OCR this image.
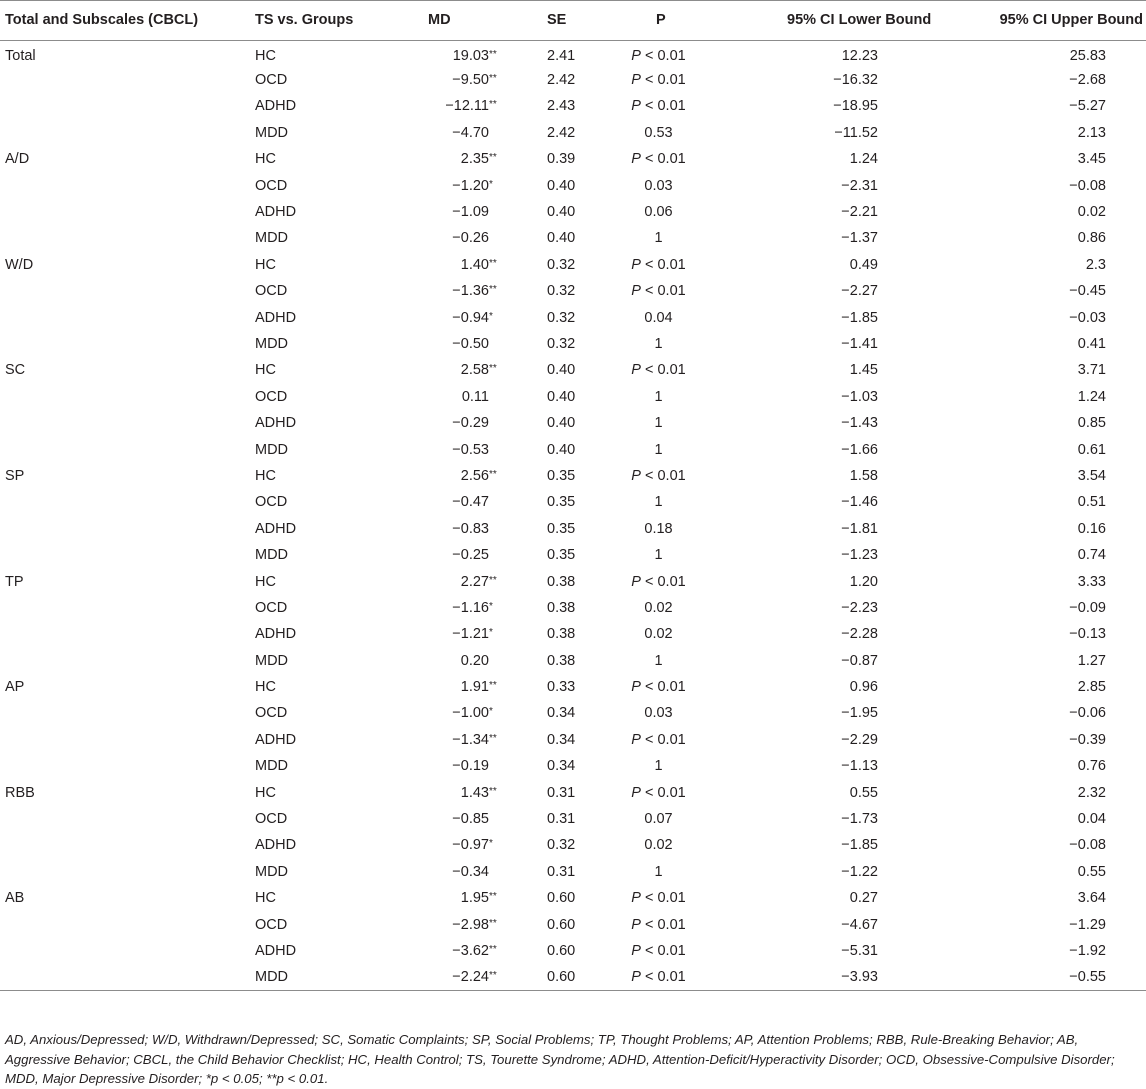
Total and Subscales (CBCL)	TS vs. Groups	MD	SE	P	95% CI Lower Bound	95% CI Upper Bound
Total	HC	19.03**	2.41	P < 0.01	12.23	25.83
	OCD	−9.50**	2.42	P < 0.01	−16.32	−2.68
	ADHD	−12.11**	2.43	P < 0.01	−18.95	−5.27
	MDD	−4.70	2.42	0.53	−11.52	2.13
A/D	HC	2.35**	0.39	P < 0.01	1.24	3.45
	OCD	−1.20*	0.40	0.03	−2.31	−0.08
	ADHD	−1.09	0.40	0.06	−2.21	0.02
	MDD	−0.26	0.40	1	−1.37	0.86
W/D	HC	1.40**	0.32	P < 0.01	0.49	2.3
	OCD	−1.36**	0.32	P < 0.01	−2.27	−0.45
	ADHD	−0.94*	0.32	0.04	−1.85	−0.03
	MDD	−0.50	0.32	1	−1.41	0.41
SC	HC	2.58**	0.40	P < 0.01	1.45	3.71
	OCD	0.11	0.40	1	−1.03	1.24
	ADHD	−0.29	0.40	1	−1.43	0.85
	MDD	−0.53	0.40	1	−1.66	0.61
SP	HC	2.56**	0.35	P < 0.01	1.58	3.54
	OCD	−0.47	0.35	1	−1.46	0.51
	ADHD	−0.83	0.35	0.18	−1.81	0.16
	MDD	−0.25	0.35	1	−1.23	0.74
TP	HC	2.27**	0.38	P < 0.01	1.20	3.33
	OCD	−1.16*	0.38	0.02	−2.23	−0.09
	ADHD	−1.21*	0.38	0.02	−2.28	−0.13
	MDD	0.20	0.38	1	−0.87	1.27
AP	HC	1.91**	0.33	P < 0.01	0.96	2.85
	OCD	−1.00*	0.34	0.03	−1.95	−0.06
	ADHD	−1.34**	0.34	P < 0.01	−2.29	−0.39
	MDD	−0.19	0.34	1	−1.13	0.76
RBB	HC	1.43**	0.31	P < 0.01	0.55	2.32
	OCD	−0.85	0.31	0.07	−1.73	0.04
	ADHD	−0.97*	0.32	0.02	−1.85	−0.08
	MDD	−0.34	0.31	1	−1.22	0.55
AB	HC	1.95**	0.60	P < 0.01	0.27	3.64
	OCD	−2.98**	0.60	P < 0.01	−4.67	−1.29
	ADHD	−3.62**	0.60	P < 0.01	−5.31	−1.92
	MDD	−2.24**	0.60	P < 0.01	−3.93	−0.55
AD, Anxious/Depressed; W/D, Withdrawn/Depressed; SC, Somatic Complaints; SP, Social Problems; TP, Thought Problems; AP, Attention Problems; RBB, Rule-Breaking Behavior; AB, Aggressive Behavior; CBCL, the Child Behavior Checklist; HC, Health Control; TS, Tourette Syndrome; ADHD, Attention-Deficit/Hyperactivity Disorder; OCD, Obsessive-Compulsive Disorder; MDD, Major Depressive Disorder; *p < 0.05; **p < 0.01.
